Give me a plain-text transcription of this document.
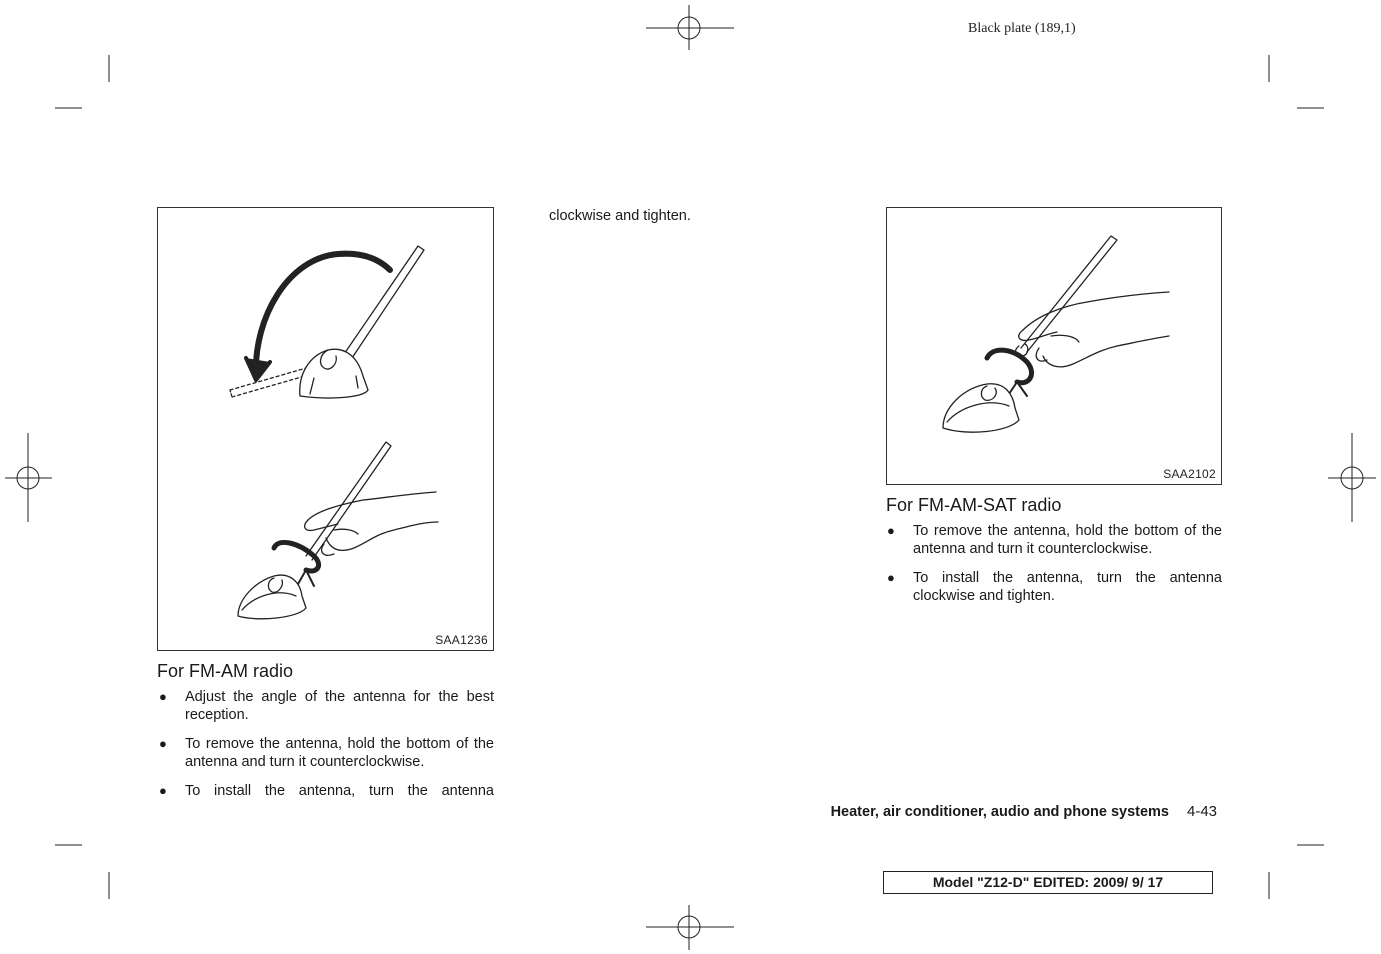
Black plate (189,1)
SAA1236
For FM-AM radio
● Adjust the angle of the antenna for the best reception.
● To remove the antenna, hold the bottom of the antenna and turn it counterclockwise.
● To install the antenna, turn the antenna
clockwise and tighten.
SAA2102
For FM-AM-SAT radio
● To remove the antenna, hold the bottom of the antenna and turn it counterclockwise.
● To install the antenna, turn the antenna clockwise and tighten.
Heater, air conditioner, audio and phone systems 4-43
Model "Z12-D" EDITED: 2009/ 9/ 17
